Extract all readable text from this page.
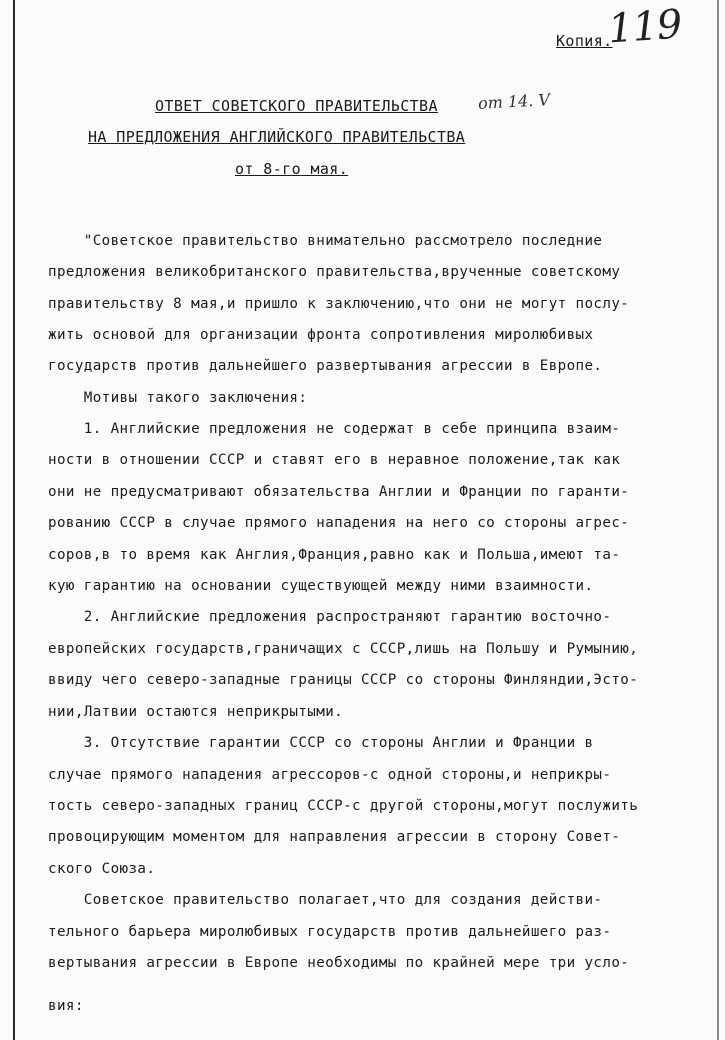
119
Копия.
ОТВЕТ СОВЕТСКОГО ПРАВИТЕЛЬСТВА от 14. V
НА ПРЕДЛОЖЕНИЯ АНГЛИЙСКОГО ПРАВИТЕЛЬСТВА
от 8-го мая.
"Советское правительство внимательно рассмотрело последние
предложения великобританского правительства,врученные советскому
правительству 8 мая,и пришло к заключению,что они не могут послу-
жить основой для организации фронта сопротивления миролюбивых
государств против дальнейшего развертывания агрессии в Европе.
Мотивы такого заключения:
1. Английские предложения не содержат в себе принципа взаим-
ности в отношении СССР и ставят его в неравное положение,так как
они не предусматривают обязательства Англии и Франции по гаранти-
рованию СССР в случае прямого нападения на него со стороны агрес-
соров,в то время как Англия,Франция,равно как и Польша,имеют та-
кую гарантию на основании существующей между ними взаимности.
2. Английские предложения распространяют гарантию восточно-
европейских государств,граничащих с СССР,лишь на Польшу и Румынию,
ввиду чего северо-западные границы СССР со стороны Финляндии,Эсто-
нии,Латвии остаются неприкрытыми.
3. Отсутствие гарантии СССР со стороны Англии и Франции в
случае прямого нападения агрессоров-с одной стороны,и неприкры-
тость северо-западных границ СССР-с другой стороны,могут послужить
провоцирующим моментом для направления агрессии в сторону Совет-
ского Союза.
Советское правительство полагает,что для создания действи-
тельного барьера миролюбивых государств против дальнейшего раз-
вертывания агрессии в Европе необходимы по крайней мере три усло-
вия:
